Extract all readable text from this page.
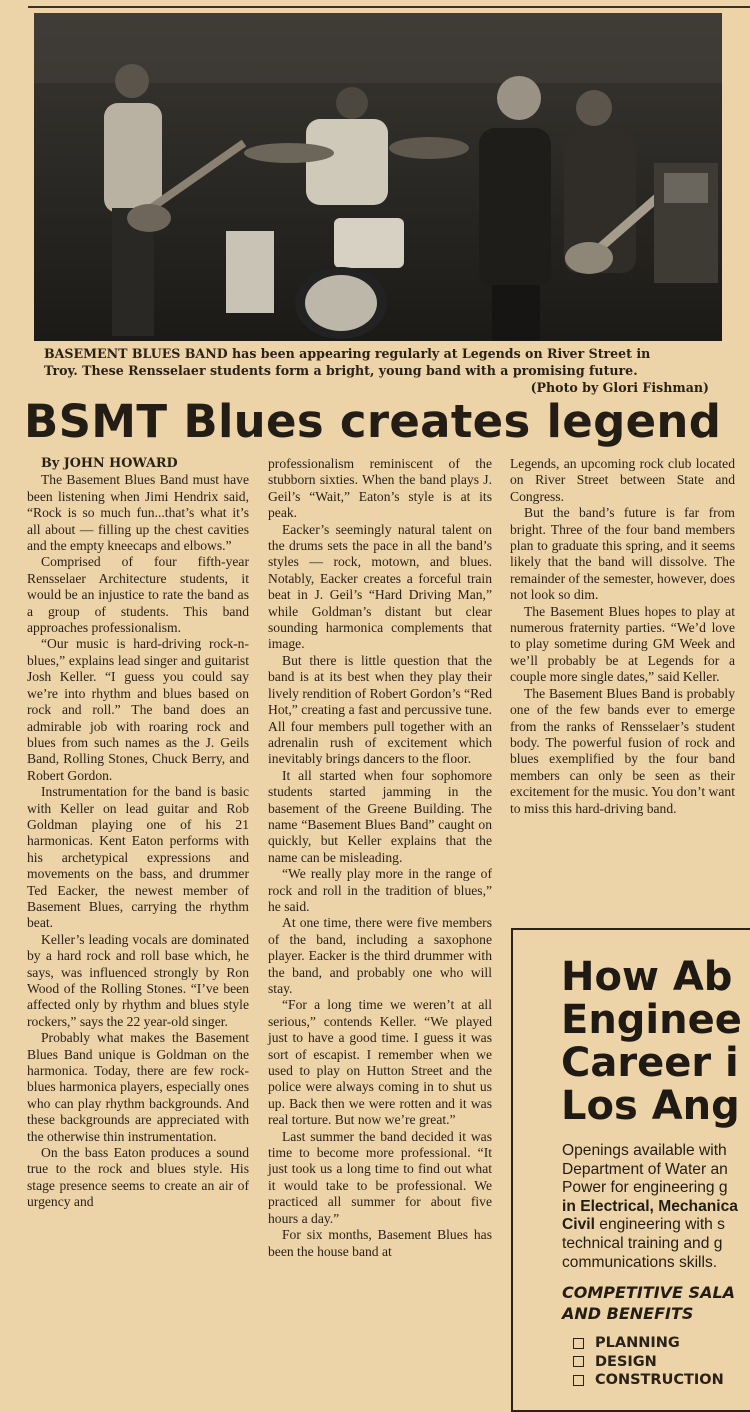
BASEMENT BLUES BAND has been appearing regularly at Legends on River Street in
Troy. These Rensselaer students form a bright, young band with a promising future.
(Photo by Glori Fishman)
BSMT Blues creates legend

By JOHN HOWARD

The Basement Blues Band must have been listening when Jimi Hendrix said, “Rock is so much fun...that’s what it’s all about — filling up the chest cavities and the empty kneecaps and elbows.”

Comprised of four fifth-year Rensselaer Architecture students, it would be an injustice to rate the band as a group of students. This band approaches professionalism.

“Our music is hard-driving rock-n-blues,” explains lead singer and guitarist Josh Keller. “I guess you could say we’re into rhythm and blues based on rock and roll.” The band does an admirable job with roaring rock and blues from such names as the J. Geils Band, Rolling Stones, Chuck Berry, and Robert Gordon.

Instrumentation for the band is basic with Keller on lead guitar and Rob Goldman playing one of his 21 harmonicas. Kent Eaton performs with his archetypical expressions and movements on the bass, and drummer Ted Eacker, the newest member of Basement Blues, carrying the rhythm beat.

Keller’s leading vocals are dominated by a hard rock and roll base which, he says, was influenced strongly by Ron Wood of the Rolling Stones. “I’ve been affected only by rhythm and blues style rockers,” says the 22 year-old singer.

Probably what makes the Basement Blues Band unique is Goldman on the harmonica. Today, there are few rock-blues harmonica players, especially ones who can play rhythm backgrounds. And these backgrounds are appreciated with the otherwise thin instrumentation.

On the bass Eaton produces a sound true to the rock and blues style. His stage presence seems to create an air of urgency and

professionalism reminiscent of the stubborn sixties. When the band plays J. Geil’s “Wait,” Eaton’s style is at its peak.

Eacker’s seemingly natural talent on the drums sets the pace in all the band’s styles — rock, motown, and blues. Notably, Eacker creates a forceful train beat in J. Geil’s “Hard Driving Man,” while Goldman’s distant but clear sounding harmonica complements that image.

But there is little question that the band is at its best when they play their lively rendition of Robert Gordon’s “Red Hot,” creating a fast and percussive tune. All four members pull together with an adrenalin rush of excitement which inevitably brings dancers to the floor.

It all started when four sophomore students started jamming in the basement of the Greene Building. The name “Basement Blues Band” caught on quickly, but Keller explains that the name can be misleading.

“We really play more in the range of rock and roll in the tradition of blues,” he said.

At one time, there were five members of the band, including a saxophone player. Eacker is the third drummer with the band, and probably one who will stay.

“For a long time we weren’t at all serious,” contends Keller. “We played just to have a good time. I guess it was sort of escapist. I remember when we used to play on Hutton Street and the police were always coming in to shut us up. Back then we were rotten and it was real torture. But now we’re great.”

Last summer the band decided it was time to become more professional. “It just took us a long time to find out what it would take to be professional. We practiced all summer for about five hours a day.”

For six months, Basement Blues has been the house band at

Legends, an upcoming rock club located on River Street between State and Congress.

But the band’s future is far from bright. Three of the four band members plan to graduate this spring, and it seems likely that the band will dissolve. The remainder of the semester, however, does not look so dim.

The Basement Blues hopes to play at numerous fraternity parties. “We’d love to play sometime during GM Week and we’ll probably be at Legends for a couple more single dates,” said Keller.

The Basement Blues Band is probably one of the few bands ever to emerge from the ranks of Rensselaer’s student body. The powerful fusion of rock and blues exemplified by the four band members can only be seen as their excitement for the music. You don’t want to miss this hard-driving band.

How Ab
Enginee
Career i
Los Ang
Openings available with
Department of Water an
Power for engineering g
in Electrical, Mechanica
Civil engineering with s
technical training and g
communications skills.
COMPETITIVE SALA
AND BENEFITS
PLANNING
DESIGN
CONSTRUCTION
